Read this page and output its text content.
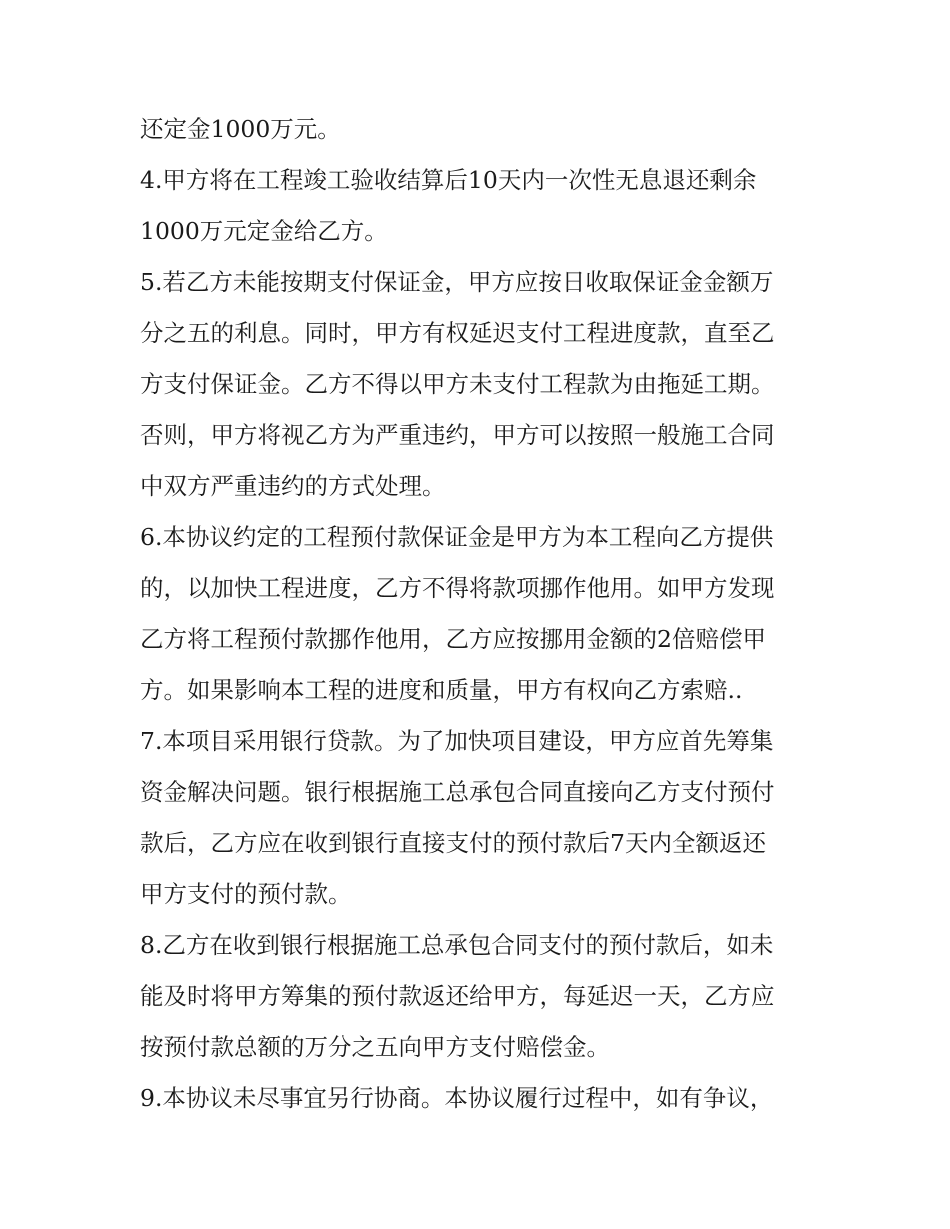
还定金1000万元。
4.甲方将在工程竣工验收结算后10天内一次性无息退还剩余
1000万元定金给乙方。
5.若乙方未能按期支付保证金，甲方应按日收取保证金金额万
分之五的利息。同时，甲方有权延迟支付工程进度款，直至乙
方支付保证金。乙方不得以甲方未支付工程款为由拖延工期。
否则，甲方将视乙方为严重违约，甲方可以按照一般施工合同
中双方严重违约的方式处理。
6.本协议约定的工程预付款保证金是甲方为本工程向乙方提供
的，以加快工程进度，乙方不得将款项挪作他用。如甲方发现
乙方将工程预付款挪作他用，乙方应按挪用金额的2倍赔偿甲
方。如果影响本工程的进度和质量，甲方有权向乙方索赔..
7.本项目采用银行贷款。为了加快项目建设，甲方应首先筹集
资金解决问题。银行根据施工总承包合同直接向乙方支付预付
款后，乙方应在收到银行直接支付的预付款后7天内全额返还
甲方支付的预付款。
8.乙方在收到银行根据施工总承包合同支付的预付款后，如未
能及时将甲方筹集的预付款返还给甲方，每延迟一天，乙方应
按预付款总额的万分之五向甲方支付赔偿金。
9.本协议未尽事宜另行协商。本协议履行过程中，如有争议，
